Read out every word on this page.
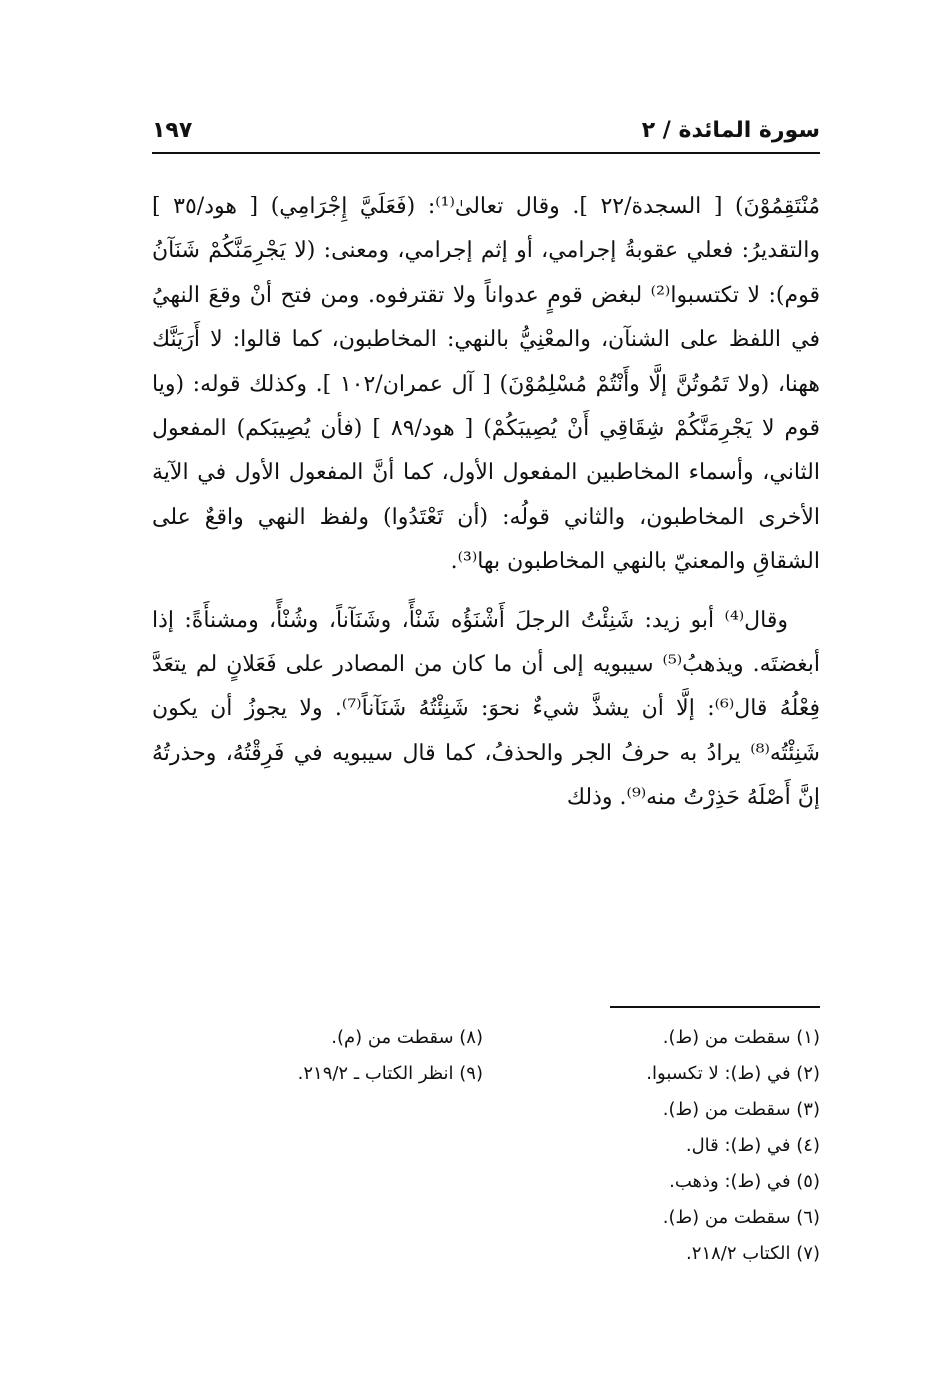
سورة المائدة / ٢
١٩٧

مُنْتَقِمُوْنَ) [ السجدة/٢٢ ]. وقال تعالىٰ⁽¹⁾: (فَعَلَيَّ إِجْرَامِي) [ هود/٣٥ ] والتقديرُ: فعلي عقوبةُ إجرامي، أو إثم إجرامي، ومعنى: (لا يَجْرِمَنَّكُمْ شَنَآنُ قوم): لا تكتسبوا⁽²⁾ لبغض قومٍ عدواناً ولا تقترفوه. ومن فتح أنْ وقعَ النهيُ في اللفظ على الشنآن، والمعْنِيُّ بالنهي: المخاطبون، كما قالوا: لا أَرَيَنَّك ههنا، (ولا تَمُوتُنَّ إلَّا وأَنْتُمْ مُسْلِمُوْنَ) [ آل عمران/١٠٢ ]. وكذلك قوله: (ويا قوم لا يَجْرِمَنَّكُمْ شِقَاقِي أَنْ يُصِيبَكُمْ) [ هود/٨٩ ] (فأن يُصِيبَكم) المفعول الثاني، وأسماء المخاطبين المفعول الأول، كما أنَّ المفعول الأول في الآية الأخرى المخاطبون، والثاني قولُه: (أن تَعْتَدُوا) ولفظ النهي واقعٌ على الشقاقِ والمعنيّ بالنهي المخاطبون بها⁽³⁾.

وقال⁽⁴⁾ أبو زيد: شَنِئْتُ الرجلَ أَشْنَؤُه شَنْأً، وشَنَآناً، وشُنْأً، ومشنأَةً: إذا أبغضتَه. ويذهبُ⁽⁵⁾ سيبويه إلى أن ما كان من المصادر على فَعَلانٍ لم يتعَدَّ فِعْلُهُ قال⁽⁶⁾: إلَّا أن يشذَّ شيءٌ نحوَ: شَنِئْتُهُ شَنَآناً⁽⁷⁾. ولا يجوزُ أن يكون شَنِئْتُه⁽⁸⁾ يرادُ به حرفُ الجر والحذفُ، كما قال سيبويه في فَرِقْتُهُ، وحذرتُهُ إنَّ أَصْلَهُ حَذِرْتُ منه⁽⁹⁾. وذلك

(١) سقطت من (ط).
(٢) في (ط): لا تكسبوا.
(٣) سقطت من (ط).
(٤) في (ط): قال.
(٥) في (ط): وذهب.
(٦) سقطت من (ط).
(٧) الكتاب ٢١٨/٢.
(٨) سقطت من (م).
(٩) انظر الكتاب ـ ٢١٩/٢.
